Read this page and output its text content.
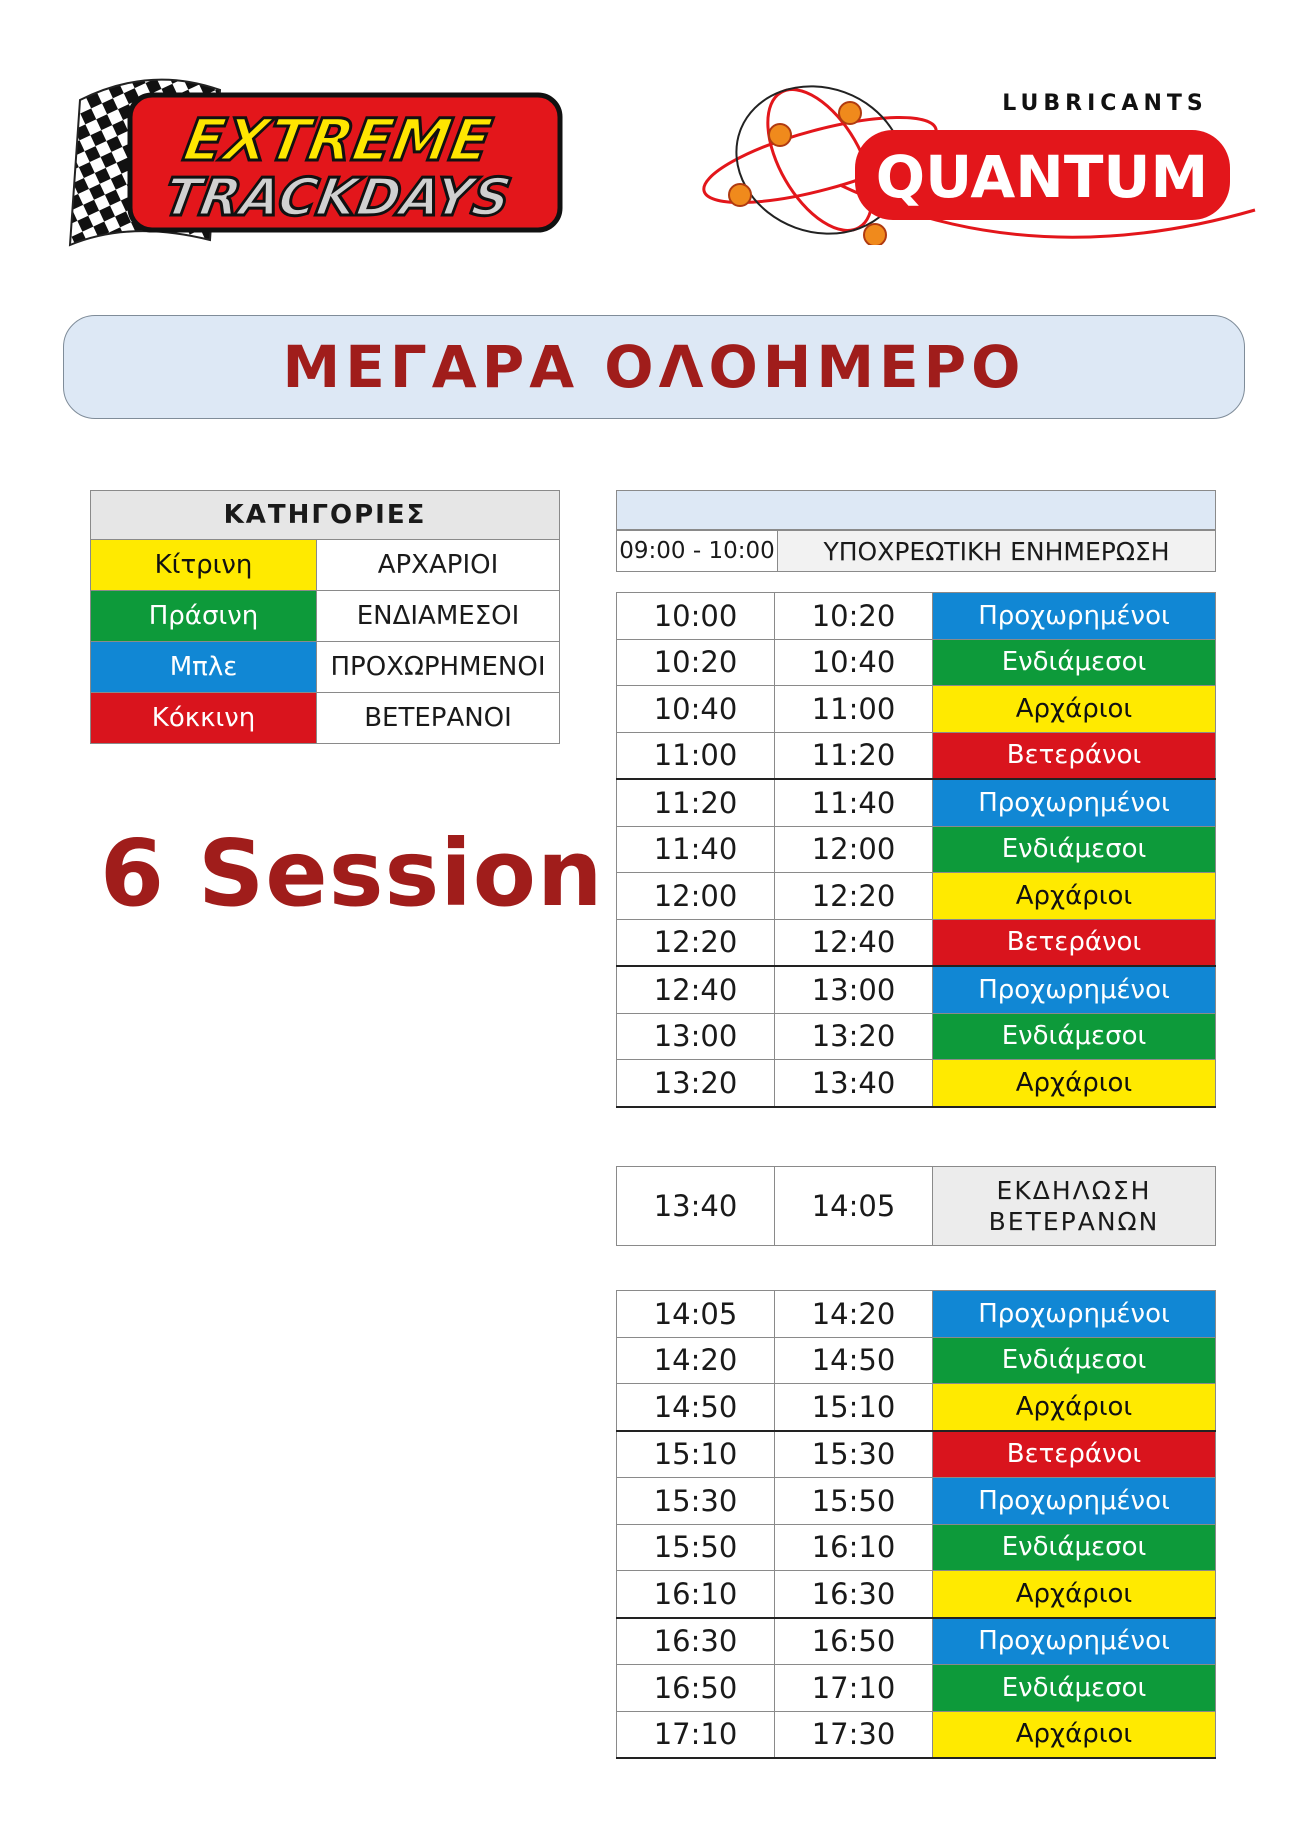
EXTREME
TRACKDAYS
LUBRICANTS
QUANTUM
ΜΕΓΑΡΑ ΟΛΟΗΜΕΡΟ
ΚΑΤΗΓΟΡΙΕΣ	
Κίτρινη	ΑΡΧΑΡΙΟΙ
Πράσινη	ΕΝΔΙΑΜΕΣΟΙ
Μπλε	ΠΡΟΧΩΡΗΜΕΝΟΙ
Κόκκινη	ΒΕΤΕΡΑΝΟΙ
6 Session
09:00 - 10:00	ΥΠΟΧΡΕΩΤΙΚΗ ΕΝΗΜΕΡΩΣΗ
10:00	10:20	Προχωρημένοι
10:20	10:40	Ενδιάμεσοι
10:40	11:00	Αρχάριοι
11:00	11:20	Βετεράνοι
11:20	11:40	Προχωρημένοι
11:40	12:00	Ενδιάμεσοι
12:00	12:20	Αρχάριοι
12:20	12:40	Βετεράνοι
12:40	13:00	Προχωρημένοι
13:00	13:20	Ενδιάμεσοι
13:20	13:40	Αρχάριοι
13:40	14:05	ΕΚΔΗΛΩΣΗ
ΒΕΤΕΡΑΝΩΝ
14:05	14:20	Προχωρημένοι
14:20	14:50	Ενδιάμεσοι
14:50	15:10	Αρχάριοι
15:10	15:30	Βετεράνοι
15:30	15:50	Προχωρημένοι
15:50	16:10	Ενδιάμεσοι
16:10	16:30	Αρχάριοι
16:30	16:50	Προχωρημένοι
16:50	17:10	Ενδιάμεσοι
17:10	17:30	Αρχάριοι
